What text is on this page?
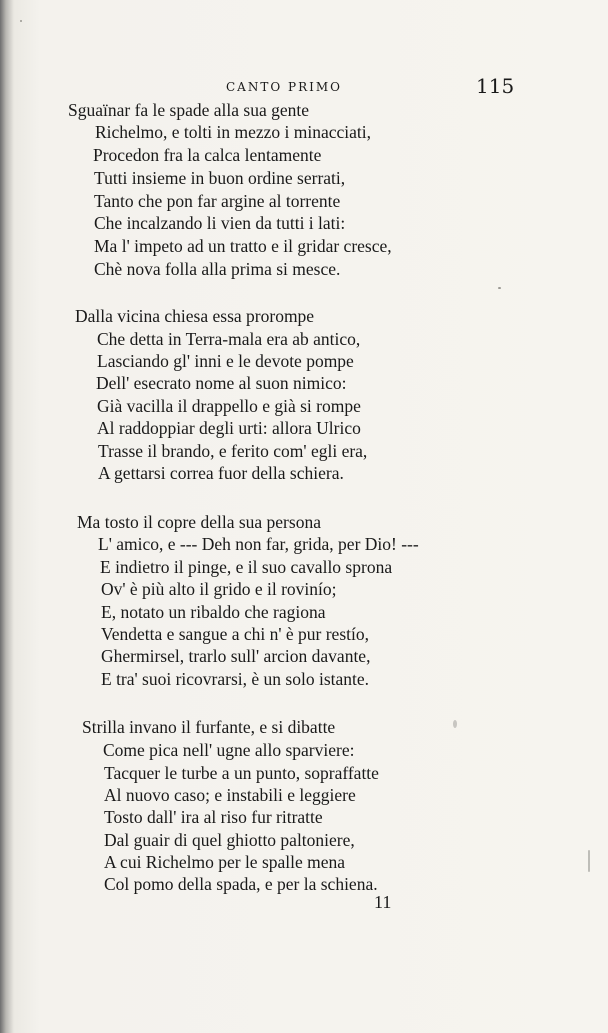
CANTO PRIMO	115
Sguaïnar fa le spade alla sua gente
Richelmo, e tolti in mezzo i minacciati,
Procedon fra la calca lentamente
Tutti insieme in buon ordine serrati,
Tanto che pon far argine al torrente
Che incalzando li vien da tutti i lati:
Ma l' impeto ad un tratto e il gridar cresce,
Chè nova folla alla prima si mesce.
Dalla vicina chiesa essa prorompe
Che detta in Terra-mala era ab antico,
Lasciando gl' inni e le devote pompe
Dell' esecrato nome al suon nimico:
Già vacilla il drappello e già si rompe
Al raddoppiar degli urti: allora Ulrico
Trasse il brando, e ferito com' egli era,
A gettarsi correa fuor della schiera.
Ma tosto il copre della sua persona
L' amico, e --- Deh non far, grida, per Dio! ---
E indietro il pinge, e il suo cavallo sprona
Ov' è più alto il grido e il rovinío;
E, notato un ribaldo che ragiona
Vendetta e sangue a chi n' è pur restío,
Ghermirsel, trarlo sull' arcion davante,
E tra' suoi ricovrarsi, è un solo istante.
Strilla invano il furfante, e si dibatte
Come pica nell' ugne allo sparviere:
Tacquer le turbe a un punto, sopraffatte
Al nuovo caso; e instabili e leggiere
Tosto dall' ira al riso fur ritratte
Dal guair di quel ghiotto paltoniere,
A cui Richelmo per le spalle mena
Col pomo della spada, e per la schiena.
11
